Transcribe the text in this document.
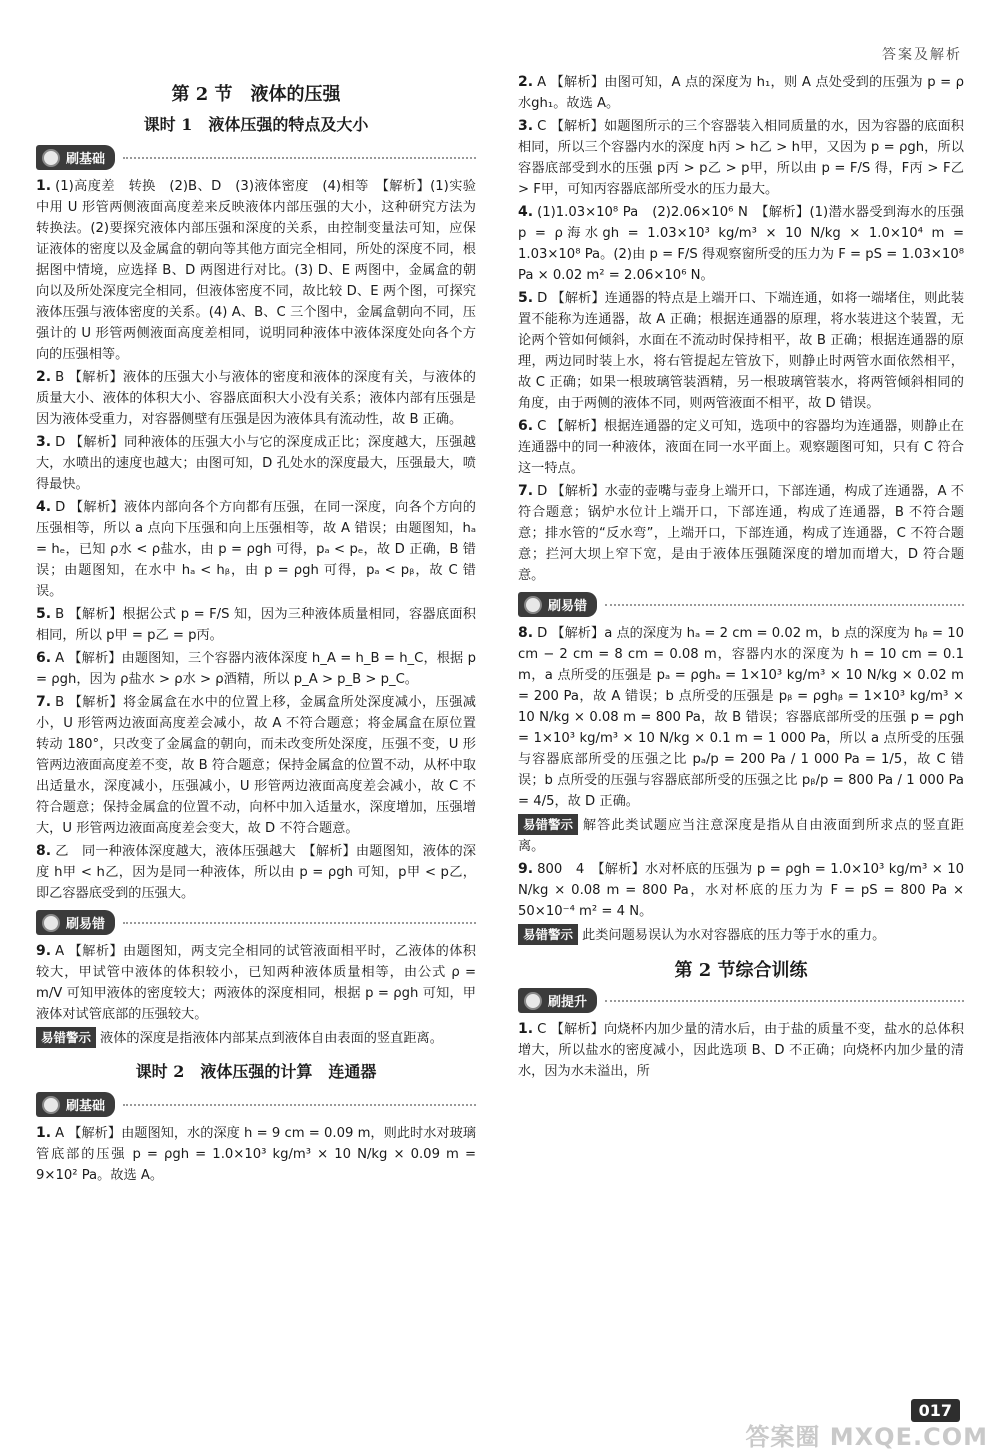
答案及解析
第 2 节　液体的压强
课时 1　液体压强的特点及大小
刷基础

1. (1)高度差　转换　(2)B、D　(3)液体密度　(4)相等　【解析】(1)实验中用 U 形管两侧液面高度差来反映液体内部压强的大小，这种研究方法为转换法。(2)要探究液体内部压强和深度的关系，由控制变量法可知，应保证液体的密度以及金属盒的朝向等其他方面完全相同，所处的深度不同，根据图中情境，应选择 B、D 两图进行对比。(3) D、E 两图中，金属盒的朝向以及所处深度完全相同，但液体密度不同，故比较 D、E 两个图，可探究液体压强与液体密度的关系。(4) A、B、C 三个图中，金属盒朝向不同，压强计的 U 形管两侧液面高度差相同，说明同种液体中液体深度处向各个方向的压强相等。

2. B 【解析】液体的压强大小与液体的密度和液体的深度有关，与液体的质量大小、液体的体积大小、容器底面积大小没有关系；液体内部有压强是因为液体受重力，对容器侧壁有压强是因为液体具有流动性，故 B 正确。

3. D 【解析】同种液体的压强大小与它的深度成正比；深度越大，压强越大，水喷出的速度也越大；由图可知，D 孔处水的深度最大，压强最大，喷得最快。

4. D 【解析】液体内部向各个方向都有压强，在同一深度，向各个方向的压强相等，所以 a 点向下压强和向上压强相等，故 A 错误；由题图知，hₐ = hₑ，已知 ρ水 < ρ盐水，由 p = ρgh 可得，pₐ < pₑ，故 D 正确，B 错误；由题图知，在水中 hₐ < hᵦ，由 p = ρgh 可得，pₐ < pᵦ，故 C 错误。

5. B 【解析】根据公式 p = F/S 知，因为三种液体质量相同，容器底面积相同，所以 p甲 = p乙 = p丙。

6. A 【解析】由题图知，三个容器内液体深度 h_A = h_B = h_C，根据 p = ρgh，因为 ρ盐水 > ρ水 > ρ酒精，所以 p_A > p_B > p_C。

7. B 【解析】将金属盒在水中的位置上移，金属盒所处深度减小，压强减小，U 形管两边液面高度差会减小，故 A 不符合题意；将金属盒在原位置转动 180°，只改变了金属盒的朝向，而未改变所处深度，压强不变，U 形管两边液面高度差不变，故 B 符合题意；保持金属盒的位置不动，从杯中取出适量水，深度减小，压强减小，U 形管两边液面高度差会减小，故 C 不符合题意；保持金属盒的位置不动，向杯中加入适量水，深度增加，压强增大，U 形管两边液面高度差会变大，故 D 不符合题意。

8. 乙　同一种液体深度越大，液体压强越大　【解析】由题图知，液体的深度 h甲 < h乙，因为是同一种液体，所以由 p = ρgh 可知，p甲 < p乙，即乙容器底受到的压强大。

刷易错

9. A 【解析】由题图知，两支完全相同的试管液面相平时，乙液体的体积较大，甲试管中液体的体积较小，已知两种液体质量相等，由公式 ρ = m/V 可知甲液体的密度较大；两液体的深度相同，根据 p = ρgh 可知，甲液体对试管底部的压强较大。

易错警示 液体的深度是指液体内部某点到液体自由表面的竖直距离。

课时 2　液体压强的计算　连通器
刷基础

1. A 【解析】由题图知，水的深度 h = 9 cm = 0.09 m，则此时水对玻璃管底部的压强 p = ρgh = 1.0×10³ kg/m³ × 10 N/kg × 0.09 m = 9×10² Pa。故选 A。

2. A 【解析】由图可知，A 点的深度为 h₁，则 A 点处受到的压强为 p = ρ水gh₁。故选 A。

3. C 【解析】如题图所示的三个容器装入相同质量的水，因为容器的底面积相同，所以三个容器内水的深度 h丙 > h乙 > h甲，又因为 p = ρgh，所以容器底部受到水的压强 p丙 > p乙 > p甲，所以由 p = F/S 得，F丙 > F乙 > F甲，可知丙容器底部所受水的压力最大。

4. (1)1.03×10⁸ Pa　(2)2.06×10⁶ N　【解析】(1)潜水器受到海水的压强 p = ρ海水gh = 1.03×10³ kg/m³ × 10 N/kg × 1.0×10⁴ m = 1.03×10⁸ Pa。(2)由 p = F/S 得观察窗所受的压力为 F = pS = 1.03×10⁸ Pa × 0.02 m² = 2.06×10⁶ N。

5. D 【解析】连通器的特点是上端开口、下端连通，如将一端堵住，则此装置不能称为连通器，故 A 正确；根据连通器的原理，将水装进这个装置，无论两个管如何倾斜，水面在不流动时保持相平，故 B 正确；根据连通器的原理，两边同时装上水，将右管提起左管放下，则静止时两管水面依然相平，故 C 正确；如果一根玻璃管装酒精，另一根玻璃管装水，将两管倾斜相同的角度，由于两侧的液体不同，则两管液面不相平，故 D 错误。

6. C 【解析】根据连通器的定义可知，选项中的容器均为连通器，则静止在连通器中的同一种液体，液面在同一水平面上。观察题图可知，只有 C 符合这一特点。

7. D 【解析】水壶的壶嘴与壶身上端开口，下部连通，构成了连通器，A 不符合题意；锅炉水位计上端开口，下部连通，构成了连通器，B 不符合题意；排水管的“反水弯”，上端开口，下部连通，构成了连通器，C 不符合题意；拦河大坝上窄下宽，是由于液体压强随深度的增加而增大，D 符合题意。

刷易错

8. D 【解析】a 点的深度为 hₐ = 2 cm = 0.02 m，b 点的深度为 hᵦ = 10 cm − 2 cm = 8 cm = 0.08 m，容器内水的深度为 h = 10 cm = 0.1 m，a 点所受的压强是 pₐ = ρghₐ = 1×10³ kg/m³ × 10 N/kg × 0.02 m = 200 Pa，故 A 错误；b 点所受的压强是 pᵦ = ρghᵦ = 1×10³ kg/m³ × 10 N/kg × 0.08 m = 800 Pa，故 B 错误；容器底部所受的压强 p = ρgh = 1×10³ kg/m³ × 10 N/kg × 0.1 m = 1 000 Pa，所以 a 点所受的压强与容器底部所受的压强之比 pₐ/p = 200 Pa / 1 000 Pa = 1/5，故 C 错误；b 点所受的压强与容器底部所受的压强之比 pᵦ/p = 800 Pa / 1 000 Pa = 4/5，故 D 正确。

易错警示 解答此类试题应当注意深度是指从自由液面到所求点的竖直距离。

9. 800　4　【解析】水对杯底的压强为 p = ρgh = 1.0×10³ kg/m³ × 10 N/kg × 0.08 m = 800 Pa，水对杯底的压力为 F = pS = 800 Pa × 50×10⁻⁴ m² = 4 N。

易错警示 此类问题易误认为水对容器底的压力等于水的重力。

第 2 节综合训练
刷提升

1. C 【解析】向烧杯内加少量的清水后，由于盐的质量不变，盐水的总体积增大，所以盐水的密度减小，因此选项 B、D 不正确；向烧杯内加少量的清水，因为水未溢出，所

017
答案圈 MXQE.COM
